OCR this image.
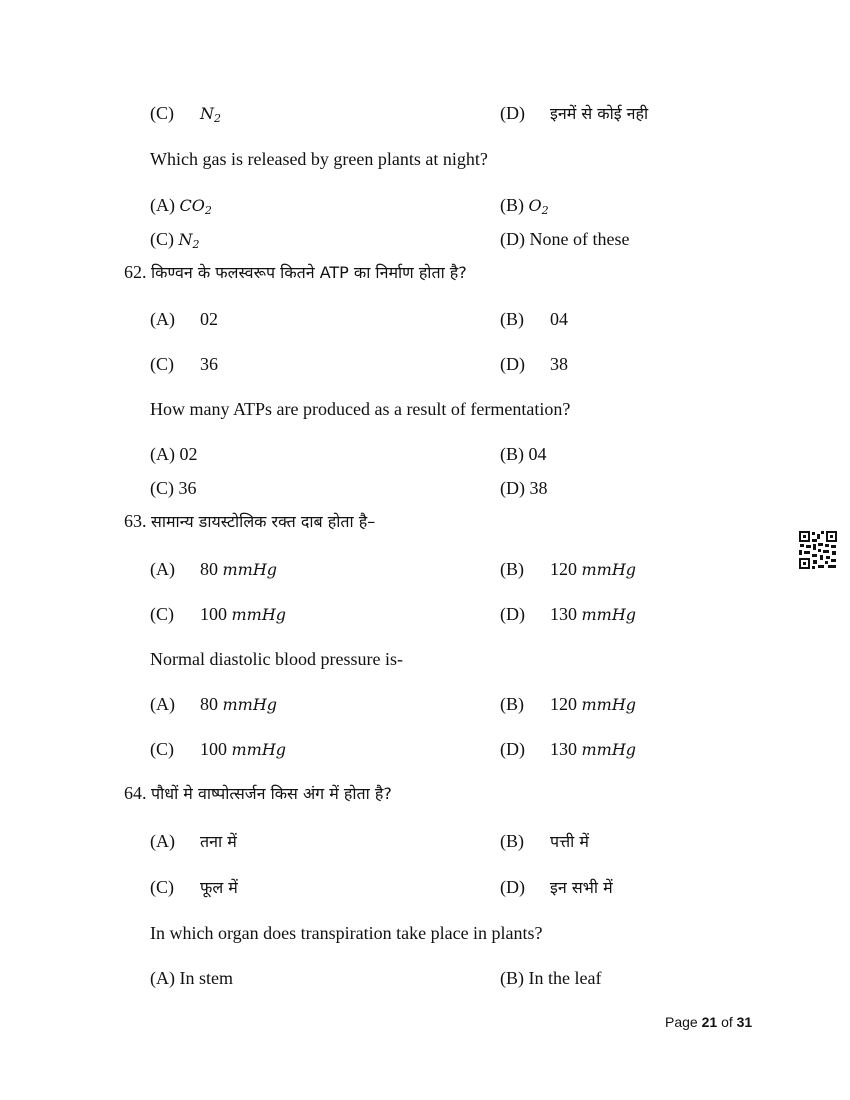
(C) $N_2$	(D) इनमें से कोई नही
Which gas is released by green plants at night?
(A) $CO_2$	(B) $O_2$
(C) $N_2$	(D) None of these
62. किण्वन के फलस्वरूप कितने ATP का निर्माण होता है?
(A) 02	(B) 04
(C) 36	(D) 38
How many ATPs are produced as a result of fermentation?
(A) 02	(B) 04
(C) 36	(D) 38
63. सामान्य डायस्टोलिक रक्त दाब होता है–
(A) 80 mmHg	(B) 120 mmHg
(C) 100 mmHg	(D) 130 mmHg
Normal diastolic blood pressure is-
(A) 80 mmHg	(B) 120 mmHg
(C) 100 mmHg	(D) 130 mmHg
64. पौधों मे वाष्पोत्सर्जन किस अंग में होता है?
(A) तना में	(B) पत्ती में
(C) फूल में	(D) इन सभी में
In which organ does transpiration take place in plants?
(A) In stem	(B) In the leaf
Page 21 of 31
